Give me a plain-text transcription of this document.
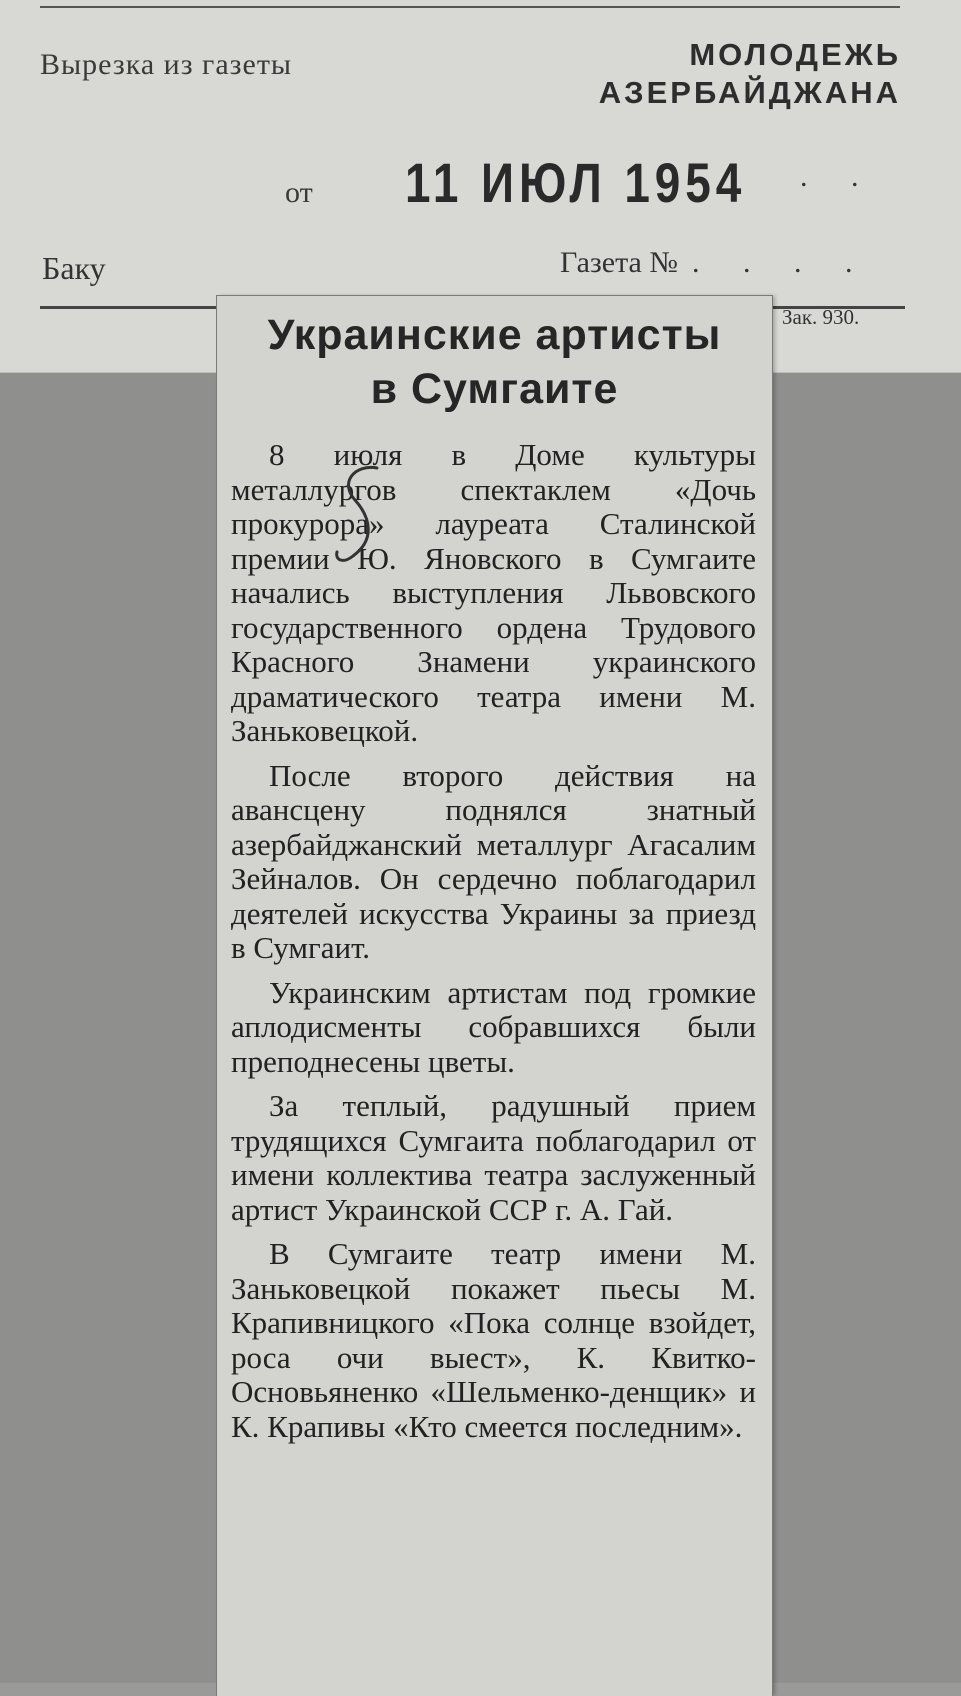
Вырезка из газеты	МОЛОДЕЖЬ
АЗЕРБАЙДЖАНА
от 11 ИЮЛ 1954 . .
Баку	Газета № . . . .
Зак. 930.
Украинские артисты
в Сумгаите

8 июля в Доме культуры металлургов спектаклем «Дочь прокурора» лауреата Сталинской премии Ю. Яновского в Сумгаите начались выступления Львовского государственного ордена Трудового Красного Знамени украинского драматического театра имени М. Заньковецкой.

После второго действия на авансцену поднялся знатный азербайджанский металлург Агасалим Зейналов. Он сердечно поблагодарил деятелей искусства Украины за приезд в Сумгаит.

Украинским артистам под громкие аплодисменты собравшихся были преподнесены цветы.

За теплый, радушный прием трудящихся Сумгаита поблагодарил от имени коллектива театра заслуженный артист Украинской ССР г. А. Гай.

В Сумгаите театр имени М. Заньковецкой покажет пьесы М. Крапивницкого «Пока солнце взойдет, роса очи выест», К. Квитко-Основьяненко «Шельменко-денщик» и К. Крапивы «Кто смеется последним».
